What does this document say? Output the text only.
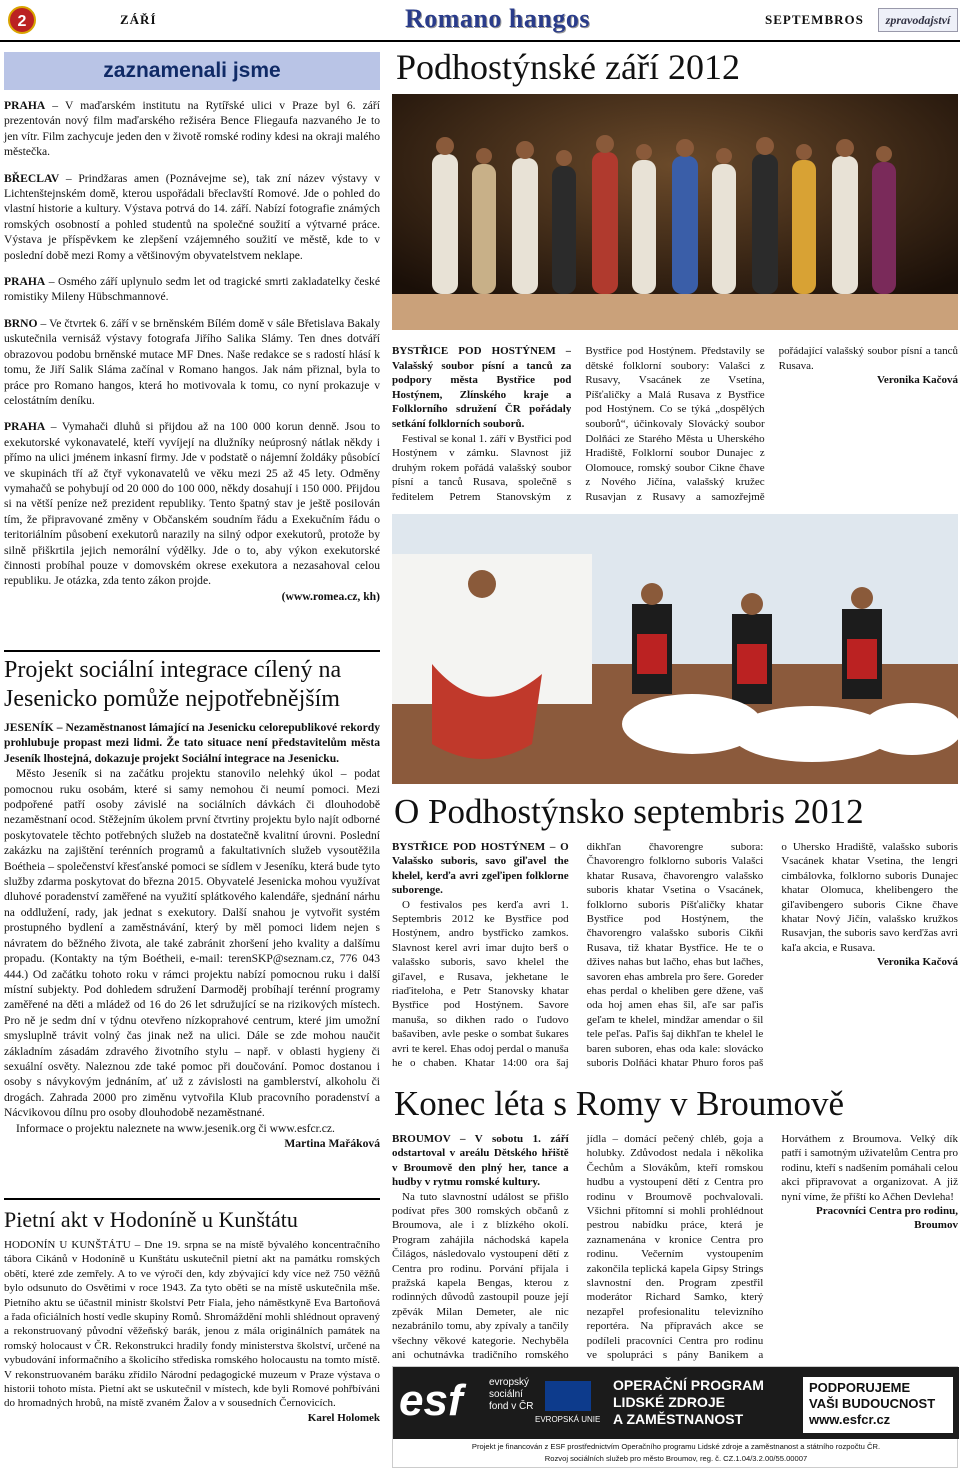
2	ZÁŘÍ	Romano hangos	SEPTEMBROS	zpravodajství
zaznamenali jsme

PRAHA – V maďarském institutu na Rytířské ulici v Praze byl 6. září prezentován nový film maďarského režiséra Bence Fliegaufa nazvaného Je to jen vítr. Film zachycuje jeden den v životě romské rodiny kdesi na okraji malého městečka.

BŘECLAV – Prindžaras amen (Poznávejme se), tak zní název výstavy v Lichtenštejnském domě, kterou uspořádali břeclavští Romové. Jde o pohled do vlastní historie a kultury. Výstava potrvá do 14. září. Nabízí fotografie známých romských osobností a pohled studentů na společné soužití a výtvarné práce. Výstava je příspěvkem ke zlepšení vzájemného soužití ve městě, kde to v poslední době mezi Romy a většinovým obyvatelstvem neklape.

PRAHA – Osmého září uplynulo sedm let od tragické smrti zakladatelky české romistiky Mileny Hübschmannové.

BRNO – Ve čtvrtek 6. září v se brněnském Bílém domě v sále Břetislava Bakaly uskutečnila vernisáž výstavy fotografa Jiřího Salika Slámy. Ten dnes dotváří obrazovou podobu brněnské mutace MF Dnes. Naše redakce se s radostí hlásí k tomu, že Jiří Salik Sláma začínal v Romano hangos. Jak nám přiznal, byla to práce pro Romano hangos, která ho motivovala k tomu, co nyní prokazuje v celostátním deníku.

PRAHA – Vymahači dluhů si přijdou až na 100 000 korun denně. Jsou to exekutorské vykonavatelé, kteří vyvíjejí na dlužníky neúprosný nátlak někdy i přímo na ulici jménem inkasní firmy. Jde v podstatě o nájemní žoldáky působící ve skupinách tří až čtyř vykonavatelů ve věku mezi 25 až 45 lety. Odměny vymahačů se pohybují od 20 000 do 100 000, někdy dosahují i 150 000. Přijdou si na větší peníze než prezident republiky. Tento špatný stav je ještě posilován tím, že připravované změny v Občanském soudním řádu a Exekučním řádu o teritoriálním působení exekutorů narazily na silný odpor exekutorů, protože by silně přiškrtila jejich nemorální výdělky. Jde o to, aby výkon exekutorské činnosti probíhal pouze v domovském okrese exekutora a nezasahoval celou republiku. Je otázka, zda tento zákon projde.

(www.romea.cz, kh)

Projekt sociální integrace cílený na Jesenicko pomůže nejpotřebnějším

JESENÍK – Nezaměstnanost lámající na Jesenicku celorepublikové rekordy prohlubuje propast mezi lidmi. Že tato situace není představitelům města Jeseník lhostejná, dokazuje projekt Sociální integrace na Jesenicku.

Město Jeseník si na začátku projektu stanovilo nelehký úkol – podat pomocnou ruku osobám, které si samy nemohou či neumí pomoci. Mezi podpořené patří osoby závislé na sociálních dávkách či dlouhodobě nezaměstnaní ocod. Stěžejním úkolem první čtvrtiny projektu bylo najít odborné poskytovatele těchto potřebných služeb na dostatečně kvalitní úrovni. Poslední zakázku na zajištění terénních programů a fakultativních služeb vysoutěžila Boétheia – společenství křesťanské pomoci se sídlem v Jeseníku, která bude tyto služby zdarma poskytovat do března 2015. Obyvatelé Jesenicka mohou využívat dluhové poradenství zaměřené na využití splátkového kalendáře, sjednání nárhu na oddlužení, rady, jak jednat s exekutory. Další snahou je vytvořit systém prostupného bydlení a zaměstnávání, který by měl pomoci lidem nejen s návratem do běžného života, ale také zabránit zhoršení jeho kvality a dalšímu propadu. (Kontakty na tým Boétheii, e-mail: terenSKP@seznam.cz, 776 043 444.) Od začátku tohoto roku v rámci projektu nabízí pomocnou ruku i další místní subjekty. Pod dohledem sdružení Darmoděj probíhají terénní programy zaměřené na děti a mládež od 16 do 26 let sdružující se na rizikových místech. Pro ně je sedm dní v týdnu otevřeno nízkoprahové centrum, které jim umožní smysluplně trávit volný čas jinak než na ulici. Dále se zde mohou naučit základním zásadám zdravého životního stylu – např. v oblasti hygieny či sexuální osvěty. Naleznou zde také pomoc při doučování. Pomoc dostanou i osoby s návykovým jednáním, ať už z závislosti na gamblerství, alkoholu či drogách. Zahrada 2000 pro ziměnu vytvořila Klub pracovního poradenství a Nácvikovou dílnu pro osoby dlouhodobě nezaměstnané.

Informace o projektu naleznete na www.jesenik.org či www.esfcr.cz.

Martina Mařáková

Pietní akt v Hodoníně u Kunštátu

HODONÍN U KUNŠTÁTU – Dne 19. srpna se na místě bývalého koncentračního tábora Cikánů v Hodoníně u Kunštátu uskutečnil pietní akt na památku romských obětí, které zde zemřely. A to ve výročí den, kdy zbývající kdy více než 750 věžňů bylo odsunuto do Osvětimi v roce 1943. Za tyto oběti se na místě uskutečnila mše. Pietního aktu se účastnil ministr školství Petr Fiala, jeho náměstkyně Eva Bartoňová a řada oficiálních hostí vedle skupiny Romů. Shromáždění mohli shlédnout opravený a rekonstruovaný původní věžeňský barák, jenou z mála originálních památek na romský holocaust v ČR. Rekonstrukci hradily fondy ministerstva školství, určené na vybudování informačního a školicího střediska romského holocaustu na tomto místě. V rekonstruovaném baráku zřídilo Národní pedagogické muzeum v Praze výstava o historii tohoto místa. Pietní akt se uskutečnil v místech, kde byli Romové pohřbíváni do hromadných hrobů, na místě zvaném Žalov a v sousedních Černovicích.

Karel Holomek

Podhostýnské září 2012

BYSTŘICE POD HOSTÝNEM – Valašský soubor písní a tanců za podpory města Bystřice pod Hostýnem, Zlínského kraje a Folklorního sdružení ČR pořádaly setkání folklorních souborů.

Festival se konal 1. září v Bystřici pod Hostýnem v zámku. Slavnost již druhým rokem pořádá valašský soubor písní a tanců Rusava, společně s ředitelem Petrem Stanovským z Bystřice pod Hostýnem. Představily se dětské folklorní soubory: Valašci z Rusavy, Vsacánek ze Vsetína, Píšťaličky a Malá Rusava z Bystřice pod Hostýnem. Co se týká „dospělých souborů“, účinkovaly Slovácký soubor Dolňáci ze Starého Města u Uherského Hradiště, Folklorní soubor Dunajec z Olomouce, romský soubor Cikne čhave z Nového Jičína, valašský kružec Rusavjan z Rusavy a samozřejmě pořádající valašský soubor písní a tanců Rusava.

Veronika Kačová

O Podhostýnsko septembris 2012

BYSTŘICE POD HOSTÝNEM – O Valašsko suboris, savo giľavel the khelel, kerďa avri zgeľipen folklorne suborenge.

O festivalos pes kerďa avri 1. Septembris 2012 ke Bystřice pod Hostýnem, andro bystřicko zamkos. Slavnost kerel avri imar dujto berš o valašsko suboris, savo khelel the giľavel, e Rusava, jekhetane le riaďiteloha, e Petr Stanovsky khatar Bystřice pod Hostýnem. Savore manuša, so dikhen rado o ľudovo bašaviben, avle peske o sombat šukares avri te kerel. Ehas odoj perdal o manuša he o chaben. Khatar 14:00 ora šaj dikhľan čhavorengre subora: Čhavorengro folklorno suboris Valašci khatar Rusava, čhavorengro valašsko suboris khatar Vsetina o Vsacánek, folklorno suboris Píšťaličky khatar Bystřice pod Hostýnem, the čhavorengro valašsko suboris Cikňi Rusava, tiž khatar Bystřice. He te o džives nahas but lačho, ehas but lačhes, savoren ehas ambrela pro šere. Goreder ehas perdal o kheliben gere džene, vaš oda hoj amen ehas šil, aľe sar paľis geľam te khelel, mindžar amendar o šil tele peľas. Paľis šaj dikhľan te khelel le baren suboren, ehas oda kale: slovácko suboris Dolňáci khatar Phuro foros paš o Uhersko Hradiště, valašsko suboris Vsacánek khatar Vsetina, the lengri cimbálovka, folklorno suboris Dunajec khatar Olomuca, khelibengero the giľavibengero suboris Cikne čhave khatar Nový Jičín, valašsko kružkos Rusavjan, the suboris savo kerďžas avri kaľa akcia, e Rusava.

Veronika Kačová

Konec léta s Romy v Broumově

BROUMOV – V sobotu 1. září odstartoval v areálu Dětského hřiště v Broumově den plný her, tance a hudby v rytmu romské kultury.

Na tuto slavnostní událost se přišlo podívat přes 300 romských občanů z Broumova, ale i z blízkého okolí. Program zahájila náchodská kapela Čilágos, následovalo vystoupení dětí z Centra pro rodinu. Porvání přijala i pražská kapela Bengas, kterou z rodinných důvodů zastoupil pouze její zpěvák Milan Demeter, ale nic nezabránilo tomu, aby zpívaly a tančily všechny věkové kategorie. Nechyběla ani ochutnávka tradičního romského jídla – domácí pečený chléb, goja a holubky. Zdůvodost nedala i několika Čechům a Slovákům, kteří romskou hudbu a vystoupení dětí z Centra pro rodinu v Broumově pochvalovali. Všichni přítomní si mohli prohlédnout pestrou nabídku práce, která je zaznamenána v kronice Centra pro rodinu. Večerním vystoupením zakončila teplická kapela Gipsy Strings slavnostní den. Program zpestřil moderátor Richard Samko, který nezapřel profesionalitu televizního reportéra. Na přípravách akce se podíleli pracovníci Centra pro rodinu ve spolupráci s pány Banikem a Horváthem z Broumova. Velký dík patří i samotným uživatelům Centra pro rodinu, kteří s nadšením pomáhali celou akci připravovat a organizovat. A již nyní víme, že příští ko Ačhen Devleha!

Pracovníci Centra pro rodinu, Broumov

esf	evropský
sociální
fond v ČR
EVROPSKÁ UNIE
OPERAČNÍ PROGRAM
LIDSKÉ ZDROJE
A ZAMĚSTNANOST
PODPORUJEME
VAŠI BUDOUCNOST
www.esfcr.cz
Projekt je financován z ESF prostřednictvím Operačního programu Lidské zdroje a zaměstnanost a státního rozpočtu ČR.
Rozvoj sociálních služeb pro město Broumov, reg. č. CZ.1.04/3.2.00/55.00007
